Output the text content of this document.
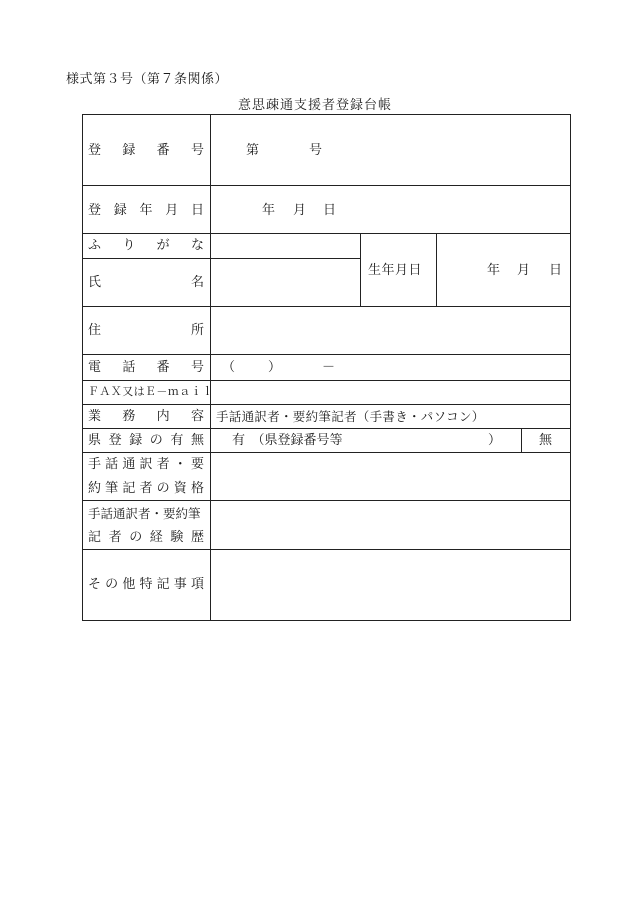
様式第３号（第７条関係）
意思疎通支援者登録台帳
登 録 番 号	第	号
登 録 年 月 日	年 月 日
ふ り が な
氏	名
生年月日	年 月 日
住	所
電 話 番 号 （	）	－
ＦＡＸ又はＥ－ｍａｉｌ
業 務 内 容 手話通訳者・要約筆記者（手書き・パソコン）
県 登 録 の 有 無 有　（県登録番号等	）	無
手 話 通 訳 者 ・ 要
約 筆 記 者 の 資 格
手話通訳者・要約筆
記 者 の 経 験 歴
そ の 他 特 記 事 項
